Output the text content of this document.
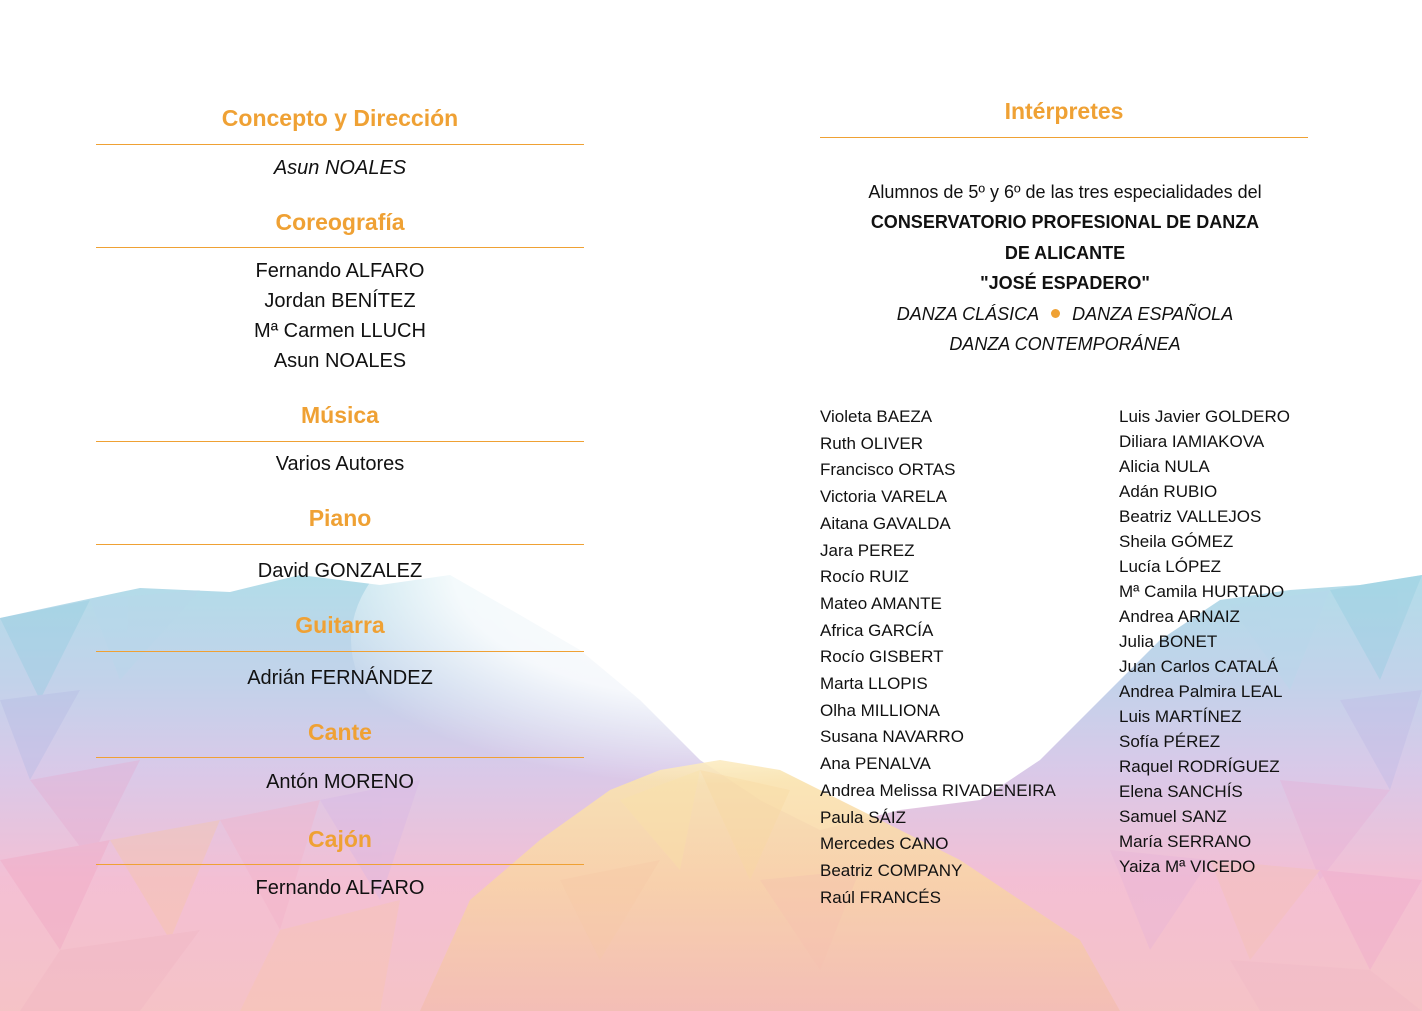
Concepto y Dirección
Asun NOALES
Coreografía
Fernando ALFARO
Jordan BENÍTEZ
Mª Carmen LLUCH
Asun NOALES
Música
Varios Autores
Piano
David GONZALEZ
Guitarra
Adrián FERNÁNDEZ
Cante
Antón MORENO
Cajón
Fernando ALFARO
Intérpretes
Alumnos de 5º y 6º de las tres especialidades del
CONSERVATORIO PROFESIONAL DE DANZA
DE ALICANTE
"JOSÉ ESPADERO"
DANZA CLÁSICA DANZA ESPAÑOLA
DANZA CONTEMPORÁNEA
Violeta BAEZA
Ruth OLIVER
Francisco ORTAS
Victoria VARELA
Aitana GAVALDA
Jara PEREZ
Rocío RUIZ
Mateo AMANTE
Africa GARCÍA
Rocío GISBERT
Marta LLOPIS
Olha MILLIONA
Susana NAVARRO
Ana PENALVA
Andrea Melissa RIVADENEIRA
Paula SÁIZ
Mercedes CANO
Beatriz COMPANY
Raúl FRANCÉS
Luis Javier GOLDERO
Diliara IAMIAKOVA
Alicia NULA
Adán RUBIO
Beatriz VALLEJOS
Sheila GÓMEZ
Lucía LÓPEZ
Mª Camila HURTADO
Andrea ARNAIZ
Julia BONET
Juan Carlos CATALÁ
Andrea Palmira LEAL
Luis MARTÍNEZ
Sofía PÉREZ
Raquel RODRÍGUEZ
Elena SANCHÍS
Samuel SANZ
María SERRANO
Yaiza Mª VICEDO
